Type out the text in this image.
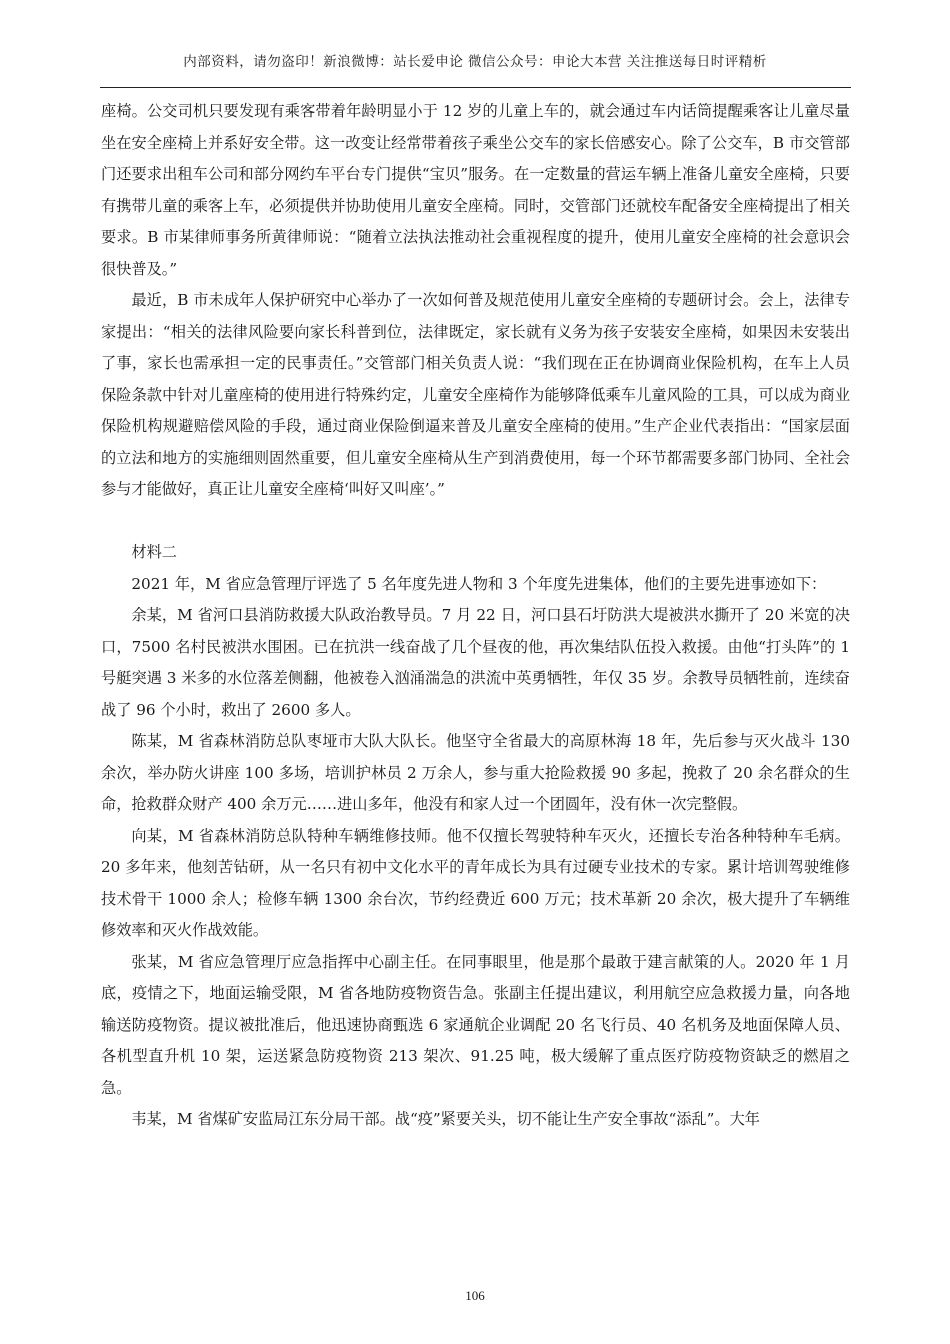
内部资料，请勿盗印！新浪微博：站长爱申论 微信公众号：申论大本营 关注推送每日时评精析

座椅。公交司机只要发现有乘客带着年龄明显小于 12 岁的儿童上车的，就会通过车内话筒提醒乘客让儿童尽量坐在安全座椅上并系好安全带。这一改变让经常带着孩子乘坐公交车的家长倍感安心。除了公交车，B 市交管部门还要求出租车公司和部分网约车平台专门提供“宝贝”服务。在一定数量的营运车辆上准备儿童安全座椅，只要有携带儿童的乘客上车，必须提供并协助使用儿童安全座椅。同时，交管部门还就校车配备安全座椅提出了相关要求。B 市某律师事务所黄律师说：“随着立法执法推动社会重视程度的提升，使用儿童安全座椅的社会意识会很快普及。”

最近，B 市未成年人保护研究中心举办了一次如何普及规范使用儿童安全座椅的专题研讨会。会上，法律专家提出：“相关的法律风险要向家长科普到位，法律既定，家长就有义务为孩子安装安全座椅，如果因未安装出了事，家长也需承担一定的民事责任。”交管部门相关负责人说：“我们现在正在协调商业保险机构，在车上人员保险条款中针对儿童座椅的使用进行特殊约定，儿童安全座椅作为能够降低乘车儿童风险的工具，可以成为商业保险机构规避赔偿风险的手段，通过商业保险倒逼来普及儿童安全座椅的使用。”生产企业代表指出：“国家层面的立法和地方的实施细则固然重要，但儿童安全座椅从生产到消费使用，每一个环节都需要多部门协同、全社会参与才能做好，真正让儿童安全座椅‘叫好又叫座’。”

材料二

2021 年，M 省应急管理厅评选了 5 名年度先进人物和 3 个年度先进集体，他们的主要先进事迹如下：

余某，M 省河口县消防救援大队政治教导员。7 月 22 日，河口县石圩防洪大堤被洪水撕开了 20 米宽的决口，7500 名村民被洪水围困。已在抗洪一线奋战了几个昼夜的他，再次集结队伍投入救援。由他“打头阵”的 1 号艇突遇 3 米多的水位落差侧翻，他被卷入汹涌湍急的洪流中英勇牺牲，年仅 35 岁。余教导员牺牲前，连续奋战了 96 个小时，救出了 2600 多人。

陈某，M 省森林消防总队枣垭市大队大队长。他坚守全省最大的高原林海 18 年，先后参与灭火战斗 130 余次，举办防火讲座 100 多场，培训护林员 2 万余人，参与重大抢险救援 90 多起，挽救了 20 余名群众的生命，抢救群众财产 400 余万元……进山多年，他没有和家人过一个团圆年，没有休一次完整假。

向某，M 省森林消防总队特种车辆维修技师。他不仅擅长驾驶特种车灭火，还擅长专治各种特种车毛病。20 多年来，他刻苦钻研，从一名只有初中文化水平的青年成长为具有过硬专业技术的专家。累计培训驾驶维修技术骨干 1000 余人；检修车辆 1300 余台次，节约经费近 600 万元；技术革新 20 余次，极大提升了车辆维修效率和灭火作战效能。

张某，M 省应急管理厅应急指挥中心副主任。在同事眼里，他是那个最敢于建言献策的人。2020 年 1 月底，疫情之下，地面运输受限，M 省各地防疫物资告急。张副主任提出建议，利用航空应急救援力量，向各地输送防疫物资。提议被批准后，他迅速协商甄选 6 家通航企业调配 20 名飞行员、40 名机务及地面保障人员、各机型直升机 10 架，运送紧急防疫物资 213 架次、91.25 吨，极大缓解了重点医疗防疫物资缺乏的燃眉之急。

韦某，M 省煤矿安监局江东分局干部。战“疫”紧要关头，切不能让生产安全事故“添乱”。大年

106
